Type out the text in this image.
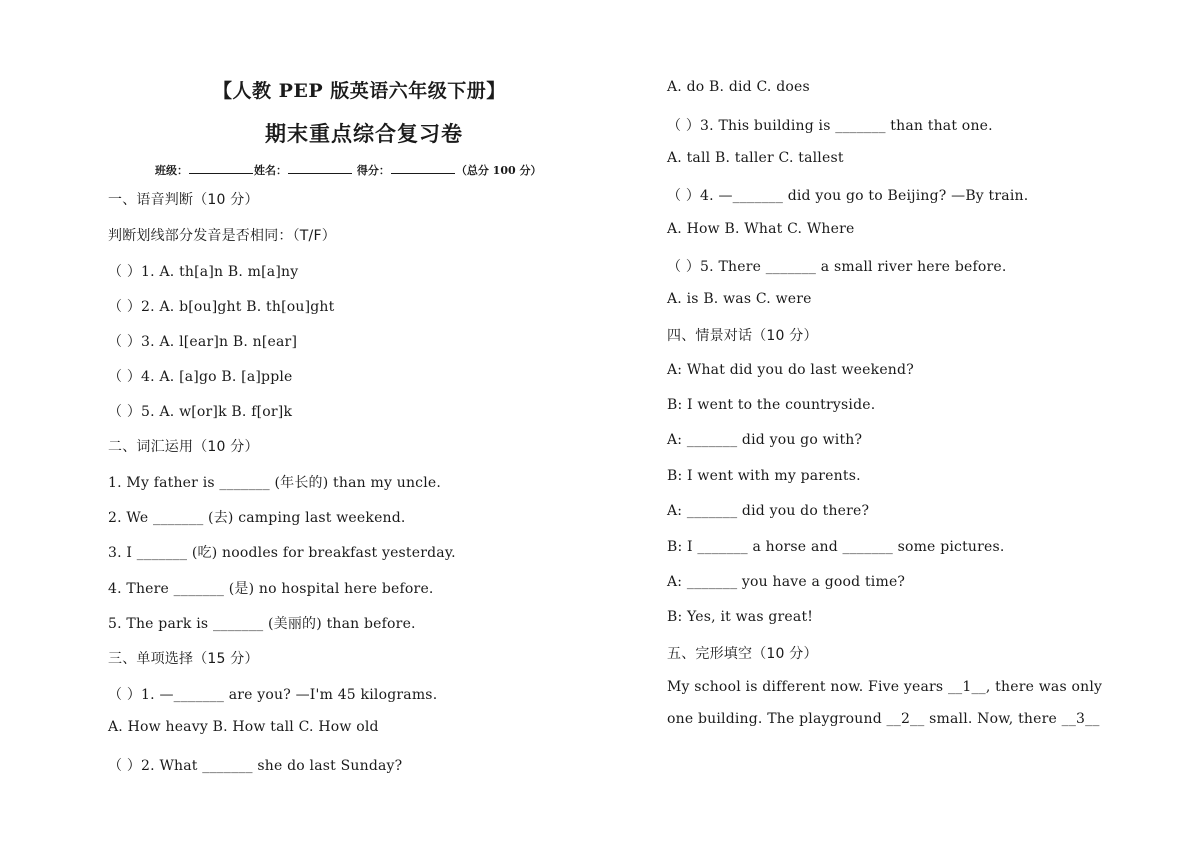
【人教 PEP 版英语六年级下册】
期末重点综合复习卷
班级：	姓名：	得分：	（总分 100 分）
一、语音判断（10 分）
判断划线部分发音是否相同：（T/F）
（ ）1. A. th[a]n B. m[a]ny
（ ）2. A. b[ou]ght B. th[ou]ght
（ ）3. A. l[ear]n B. n[ear]
（ ）4. A. [a]go B. [a]pple
（ ）5. A. w[or]k B. f[or]k
二、词汇运用（10 分）
1. My father is _______ (年长的) than my uncle.
2. We _______ (去) camping last weekend.
3. I _______ (吃) noodles for breakfast yesterday.
4. There _______ (是) no hospital here before.
5. The park is _______ (美丽的) than before.
三、单项选择（15 分）
（ ）1. —_______ are you? —I'm 45 kilograms.
A. How heavy B. How tall C. How old
（ ）2. What _______ she do last Sunday?
A. do B. did C. does
（ ）3. This building is _______ than that one.
A. tall B. taller C. tallest
（ ）4. —_______ did you go to Beijing? —By train.
A. How B. What C. Where
（ ）5. There _______ a small river here before.
A. is B. was C. were
四、情景对话（10 分）
A: What did you do last weekend?
B: I went to the countryside.
A: _______ did you go with?
B: I went with my parents.
A: _______ did you do there?
B: I _______ a horse and _______ some pictures.
A: _______ you have a good time?
B: Yes, it was great!
五、完形填空（10 分）
My school is different now. Five years __1__, there was only
one building. The playground __2__ small. Now, there __3__
